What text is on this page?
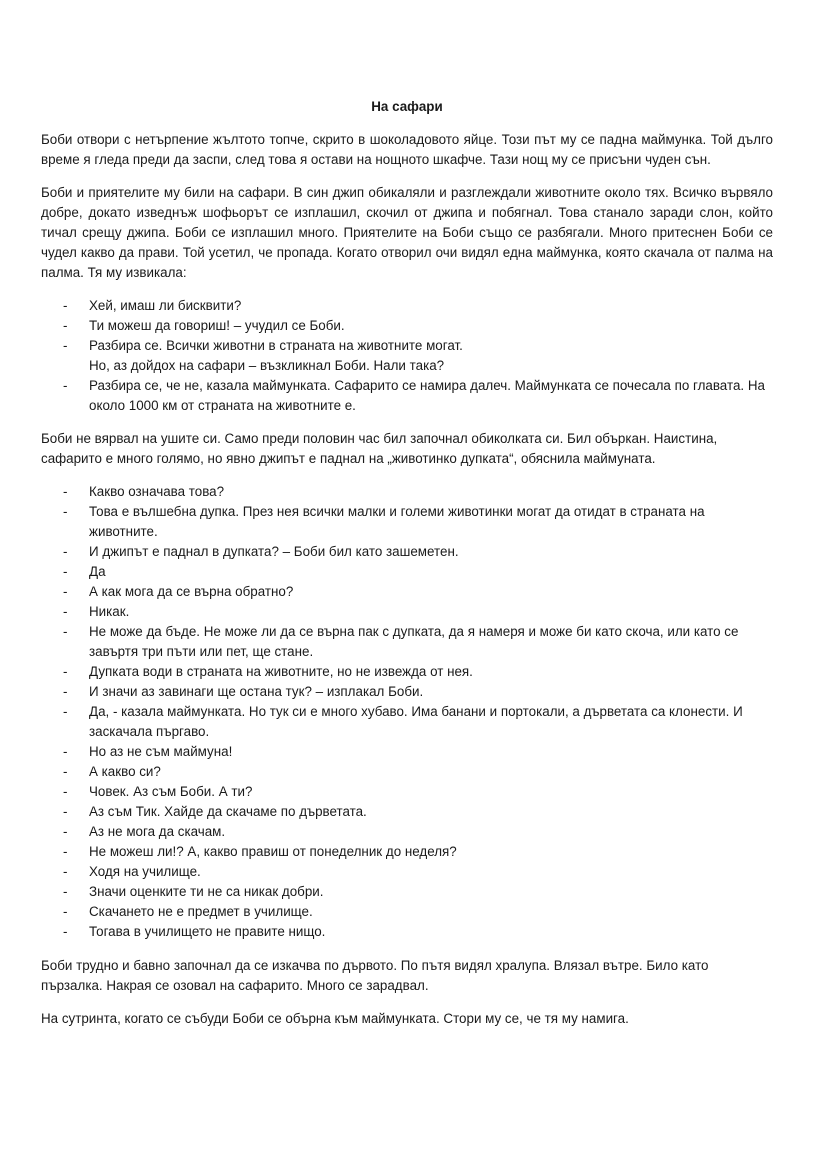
На сафари

Боби отвори с нетърпение жълтото топче, скрито в шоколадовото яйце. Този път му се падна маймунка. Той дълго време я гледа преди да заспи, след това я остави на нощното шкафче. Тази нощ му се присъни чуден сън.

Боби и приятелите му били на сафари. В син джип обикаляли и разглеждали животните около тях. Всичко вървяло добре, докато изведнъж шофьорът се изплашил, скочил от джипа и побягнал. Това станало заради слон, който тичал срещу джипа. Боби се изплашил много. Приятелите на Боби също се разбягали. Много притеснен Боби се чудел какво да прави. Той усетил, че пропада. Когато отворил очи видял една маймунка, която скачала от палма на палма. Тя му извикала:

- Хей, имаш ли бисквити?
- Ти можеш да говориш! – учудил се Боби.
- Разбира се. Всички животни в страната на животните могат.
Но, аз дойдох на сафари – възкликнал Боби. Нали така?
- Разбира се, че не, казала маймунката. Сафарито се намира далеч. Маймунката се почесала по главата. На около 1000 км от страната на животните е.

Боби не вярвал на ушите си. Само преди половин час бил започнал обиколката си. Бил объркан. Наистина, сафарито е много голямо, но явно джипът е паднал на „животинко дупката“, обяснила маймуната.

- Какво означава това?
- Това е вълшебна дупка. През нея всички малки и големи животинки могат да отидат в страната на животните.
- И джипът е паднал в дупката? – Боби бил като зашеметен.
- Да
- А как мога да се върна обратно?
- Никак.
- Не може да бъде. Не може ли да се върна пак с дупката, да я намеря и може би като скоча, или като се завъртя три пъти или пет, ще стане.
- Дупката води в страната на животните, но не извежда от нея.
- И значи аз завинаги ще остана тук? – изплакал Боби.
- Да, - казала маймунката. Но тук си е много хубаво. Има банани и портокали, а дърветата са клонести. И заскачала пъргаво.
- Но аз не съм маймуна!
- А какво си?
- Човек. Аз съм Боби. А ти?
- Аз съм Тик. Хайде да скачаме по дърветата.
- Аз не мога да скачам.
- Не можеш ли!? А, какво правиш от понеделник до неделя?
- Ходя на училище.
- Значи оценките ти не са никак добри.
- Скачането не е предмет в училище.
- Тогава в училището не правите нищо.

Боби трудно и бавно започнал да се изкачва по дървото. По пътя видял хралупа. Влязал вътре. Било като пързалка. Накрая се озовал на сафарито. Много се зарадвал.

На сутринта, когато се събуди Боби се обърна към маймунката. Стори му се, че тя му намига.
